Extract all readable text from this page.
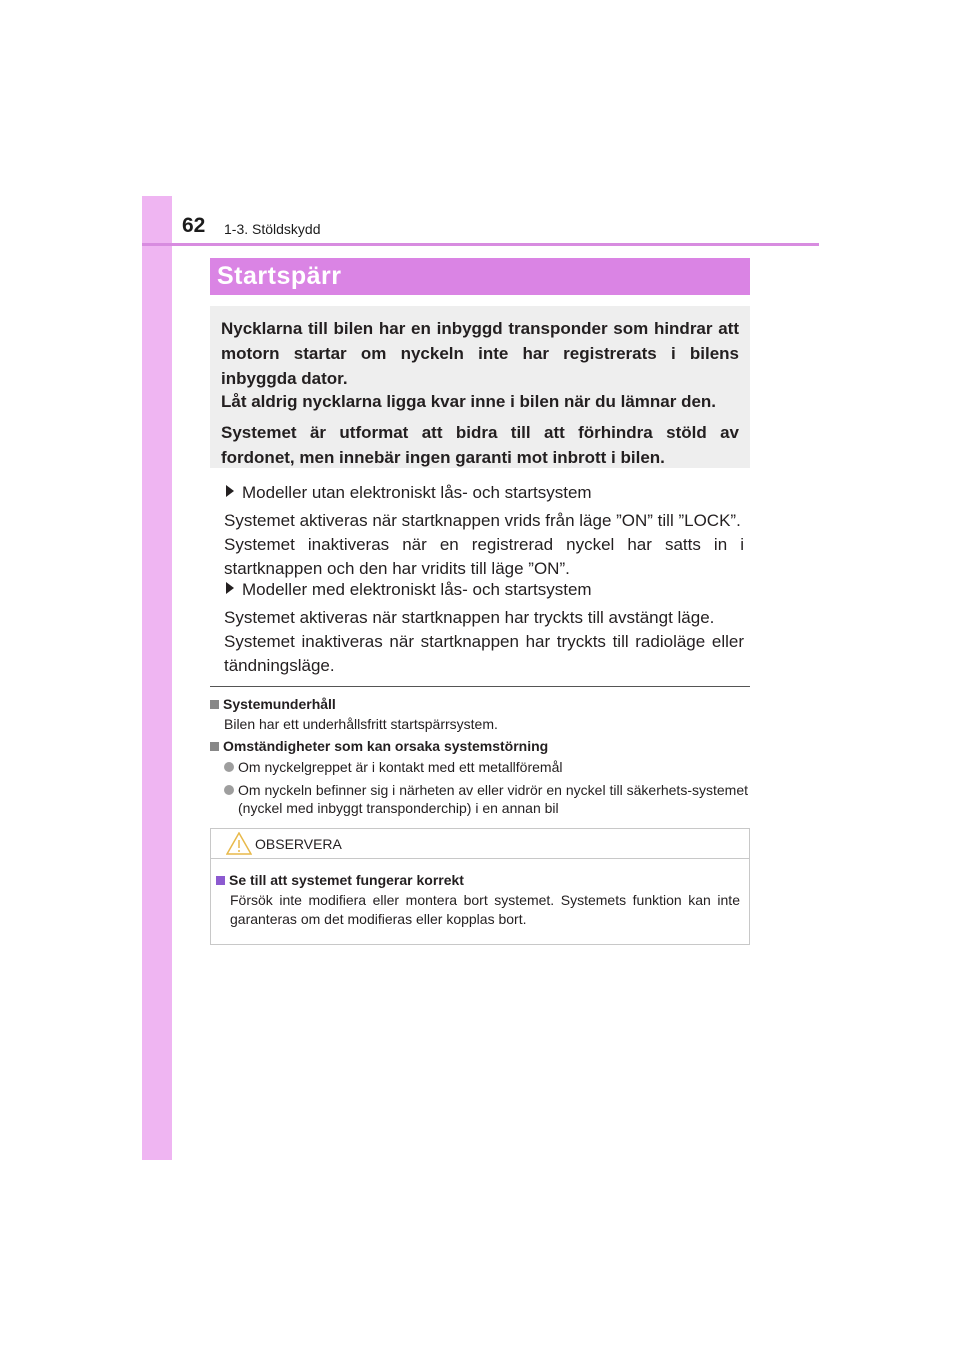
62 1-3. Stöldskydd
Startspärr

Nycklarna till bilen har en inbyggd transponder som hindrar att motorn startar om nyckeln inte har registrerats i bilens inbyggda dator.

Låt aldrig nycklarna ligga kvar inne i bilen när du lämnar den.

Systemet är utformat att bidra till att förhindra stöld av fordonet, men innebär ingen garanti mot inbrott i bilen.

Modeller utan elektroniskt lås- och startsystem

Systemet aktiveras när startknappen vrids från läge ”ON” till ”LOCK”.

Systemet inaktiveras när en registrerad nyckel har satts in i startknappen och den har vridits till läge ”ON”.

Modeller med elektroniskt lås- och startsystem

Systemet aktiveras när startknappen har tryckts till avstängt läge.

Systemet inaktiveras när startknappen har tryckts till radioläge eller tändningsläge.

Systemunderhåll

Bilen har ett underhållsfritt startspärrsystem.

Omständigheter som kan orsaka systemstörning

Om nyckelgreppet är i kontakt med ett metallföremål

Om nyckeln befinner sig i närheten av eller vidrör en nyckel till säkerhets-systemet (nyckel med inbyggt transponderchip) i en annan bil

OBSERVERA
Se till att systemet fungerar korrekt

Försök inte modifiera eller montera bort systemet. Systemets funktion kan inte garanteras om det modifieras eller kopplas bort.
